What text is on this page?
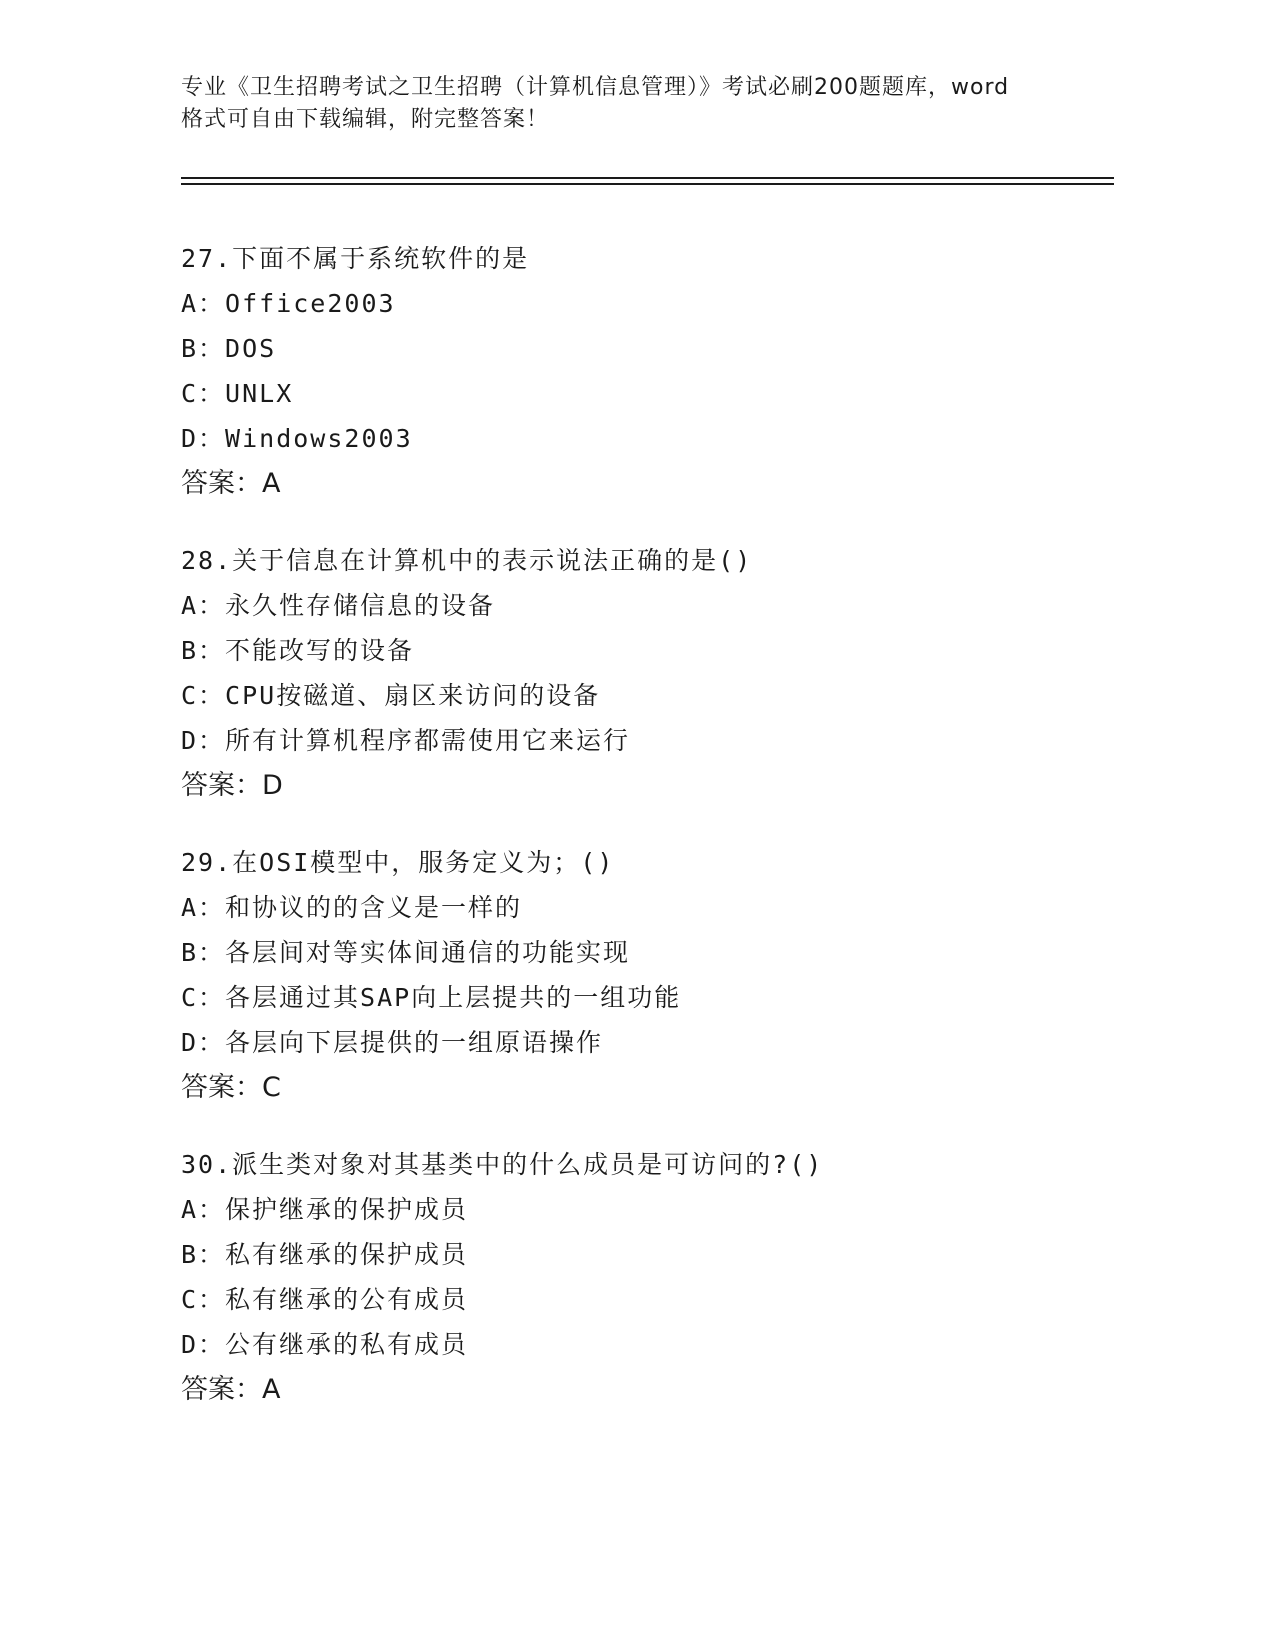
专业《卫生招聘考试之卫生招聘（计算机信息管理）》考试必刷200题题库，word
格式可自由下载编辑，附完整答案！
27.下面不属于系统软件的是
A：Office2003
B：DOS
C：UNLX
D：Windows2003
答案：A
28.关于信息在计算机中的表示说法正确的是()
A：永久性存储信息的设备
B：不能改写的设备
C：CPU按磁道、扇区来访问的设备
D：所有计算机程序都需使用它来运行
答案：D
29.在OSI模型中，服务定义为；()
A：和协议的的含义是一样的
B：各层间对等实体间通信的功能实现
C：各层通过其SAP向上层提共的一组功能
D：各层向下层提供的一组原语操作
答案：C
30.派生类对象对其基类中的什么成员是可访问的?()
A：保护继承的保护成员
B：私有继承的保护成员
C：私有继承的公有成员
D：公有继承的私有成员
答案：A
